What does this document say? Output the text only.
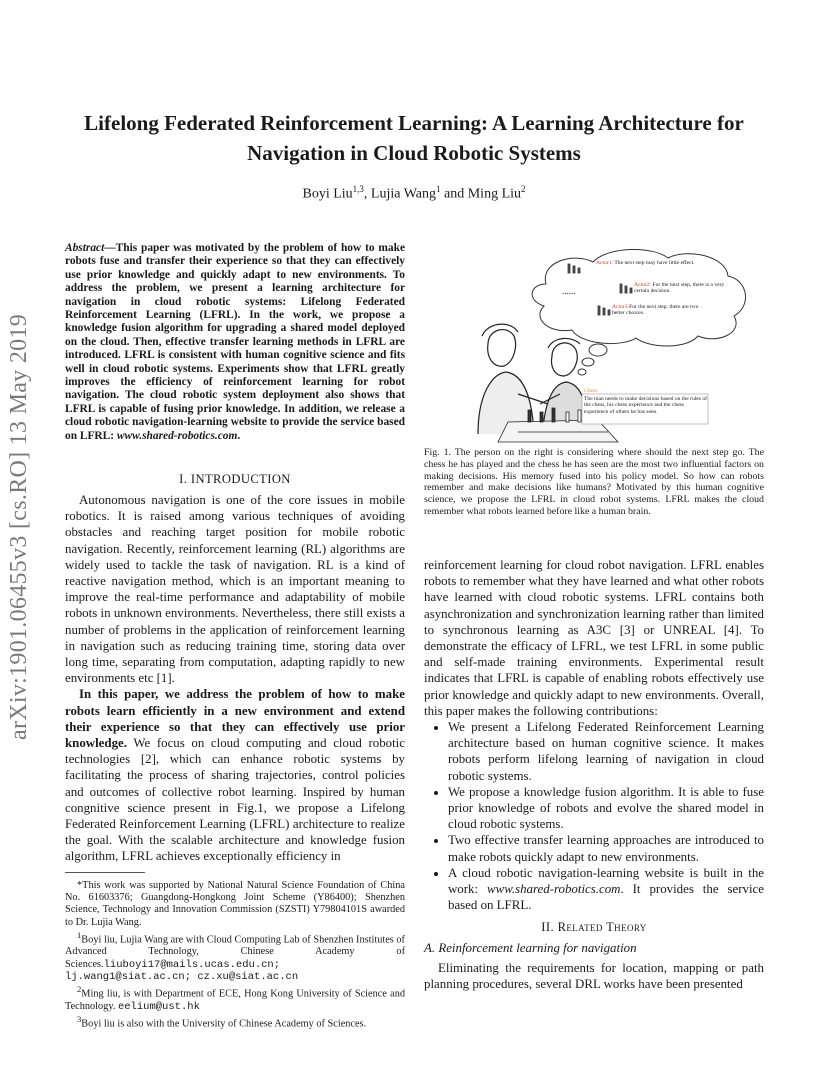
Lifelong Federated Reinforcement Learning: A Learning Architecture for Navigation in Cloud Robotic Systems
Boyi Liu$^{1,3}$, Lujia Wang$^1$ and Ming Liu$^2$
arXiv:1901.06455v3 [cs.RO] 13 May 2019
Abstract—This paper was motivated by the problem of how to make robots fuse and transfer their experience so that they can effectively use prior knowledge and quickly adapt to new environments. To address the problem, we present a learning architecture for navigation in cloud robotic systems: Lifelong Federated Reinforcement Learning (LFRL). In the work, we propose a knowledge fusion algorithm for upgrading a shared model deployed on the cloud. Then, effective transfer learning methods in LFRL are introduced. LFRL is consistent with human cognitive science and fits well in cloud robotic systems. Experiments show that LFRL greatly improves the efficiency of reinforcement learning for robot navigation. The cloud robotic system deployment also shows that LFRL is capable of fusing prior knowledge. In addition, we release a cloud robotic navigation-learning website to provide the service based on LFRL: www.shared-robotics.com.
I. INTRODUCTION

Autonomous navigation is one of the core issues in mobile robotics. It is raised among various techniques of avoiding obstacles and reaching target position for mobile robotic navigation. Recently, reinforcement learning (RL) algorithms are widely used to tackle the task of navigation. RL is a kind of reactive navigation method, which is an important meaning to improve the real-time performance and adaptability of mobile robots in unknown environments. Nevertheless, there still exists a number of problems in the application of reinforcement learning in navigation such as reducing training time, storing data over long time, separating from computation, adapting rapidly to new environments etc [1].

In this paper, we address the problem of how to make robots learn efficiently in a new environment and extend their experience so that they can effectively use prior knowledge. We focus on cloud computing and cloud robotic technologies [2], which can enhance robotic systems by facilitating the process of sharing trajectories, control policies and outcomes of collective robot learning. Inspired by human congnitive science present in Fig.1, we propose a Lifelong Federated Reinforcement Learning (LFRL) architecture to realize the goal. With the scalable architecture and knowledge fusion algorithm, LFRL achieves exceptionally efficiency in

*This work was supported by National Natural Science Foundation of China No. 61603376; Guangdong-Hongkong Joint Scheme (Y86400); Shenzhen Science, Technology and Innovation Commission (SZSTI) Y79804101S awarded to Dr. Lujia Wang.
$^1$Boyi liu, Lujia Wang are with Cloud Computing Lab of Shenzhen Institutes of Advanced Technology, Chinese Academy of Sciences.liuboyi17@mails.ucas.edu.cn; lj.wang1@siat.ac.cn; cz.xu@siat.ac.cn
$^2$Ming liu, is with Department of ECE, Hong Kong University of Science and Technology. eelium@ust.hk
$^3$Boyi liu is also with the University of Chinese Academy of Sciences.
Actor1: The next step may have little effect.
Actor2: For the next step, there is a very certain decision.
......
Actor3:For the next step, there are two better choices.
Chess
The man needs to make decisions based on the rules of the chess, his chess experience and the chess experience of others he has seen.
Fig. 1. The person on the right is considering where should the next step go. The chess he has played and the chess he has seen are the most two influential factors on making decisions. His memory fused into his policy model. So how can robots remember and make decisions like humans? Motivated by this human cognitive science, we propose the LFRL in cloud robot systems. LFRL makes the cloud remember what robots learned before like a human brain.

reinforcement learning for cloud robot navigation. LFRL enables robots to remember what they have learned and what other robots have learned with cloud robotic systems. LFRL contains both asynchronization and synchronization learning rather than limited to synchronous learning as A3C [3] or UNREAL [4]. To demonstrate the efficacy of LFRL, we test LFRL in some public and self-made training environments. Experimental result indicates that LFRL is capable of enabling robots effectively use prior knowledge and quickly adapt to new environments. Overall, this paper makes the following contributions:

• We present a Lifelong Federated Reinforcement Learning architecture based on human cognitive science. It makes robots perform lifelong learning of navigation in cloud robotic systems.
• We propose a knowledge fusion algorithm. It is able to fuse prior knowledge of robots and evolve the shared model in cloud robotic systems.
• Two effective transfer learning approaches are introduced to make robots quickly adapt to new environments.
• A cloud robotic navigation-learning website is built in the work: www.shared-robotics.com. It provides the service based on LFRL.
II. Related Theory
A. Reinforcement learning for navigation

Eliminating the requirements for location, mapping or path planning procedures, several DRL works have been presented
